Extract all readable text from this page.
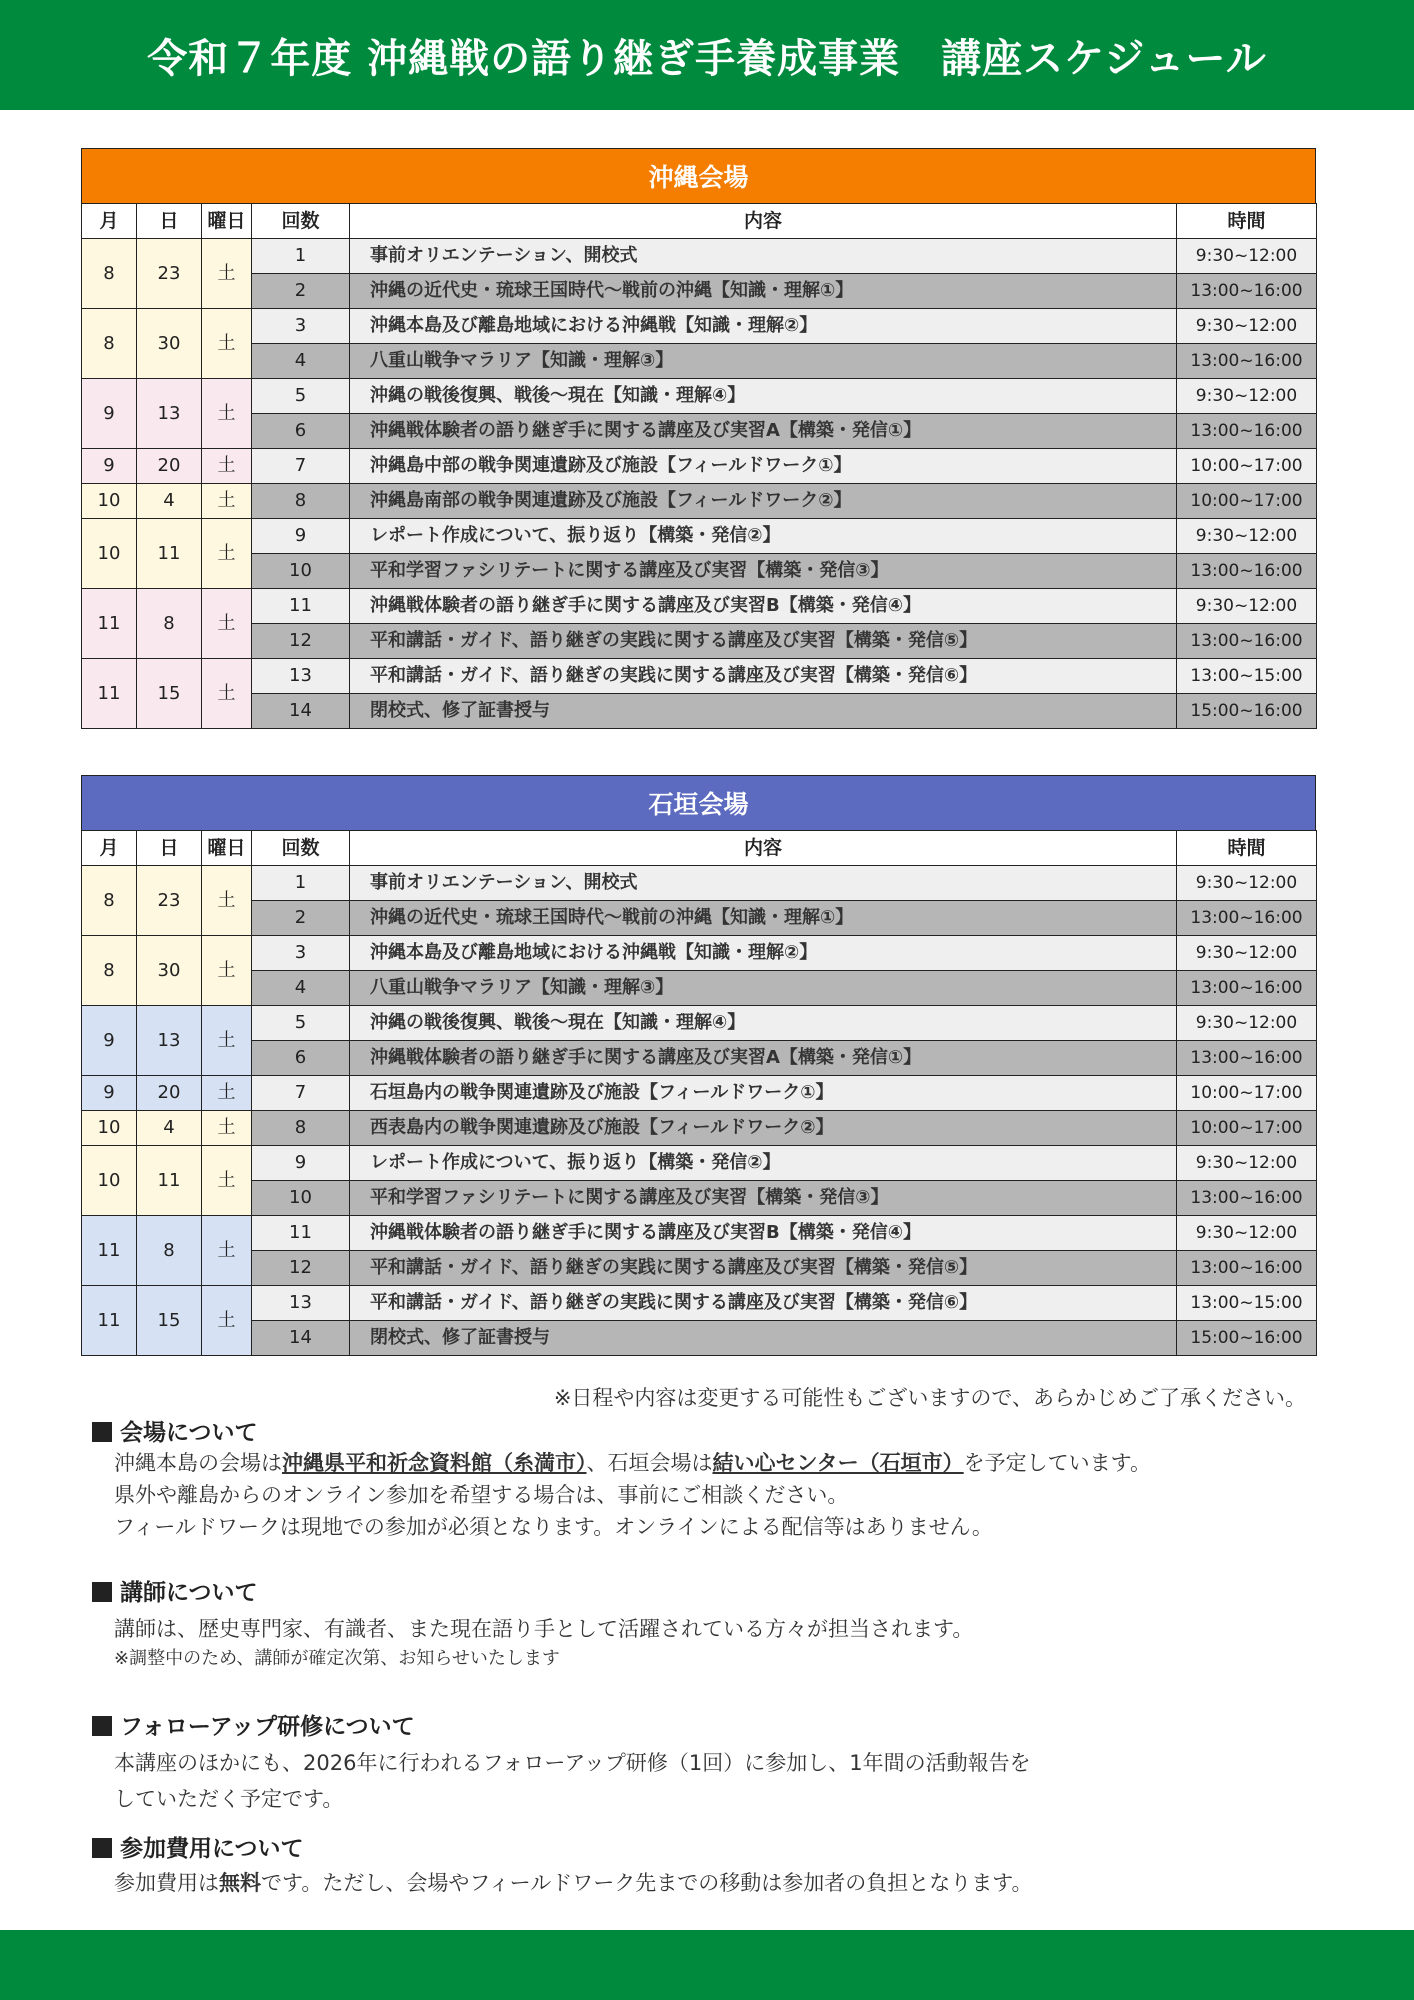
令和７年度 沖縄戦の語り継ぎ手養成事業　講座スケジュール
沖縄会場
月	日	曜日	回数	内容	時間
8	23	土	1	事前オリエンテーション、開校式	9:30~12:00
			2	沖縄の近代史・琉球王国時代～戦前の沖縄【知識・理解①】	13:00~16:00
8	30	土	3	沖縄本島及び離島地域における沖縄戦【知識・理解②】	9:30~12:00
			4	八重山戦争マラリア【知識・理解③】	13:00~16:00
9	13	土	5	沖縄の戦後復興、戦後～現在【知識・理解④】	9:30~12:00
			6	沖縄戦体験者の語り継ぎ手に関する講座及び実習A【構築・発信①】	13:00~16:00
9	20	土	7	沖縄島中部の戦争関連遺跡及び施設【フィールドワーク①】	10:00~17:00
10	4	土	8	沖縄島南部の戦争関連遺跡及び施設【フィールドワーク②】	10:00~17:00
10	11	土	9	レポート作成について、振り返り【構築・発信②】	9:30~12:00
			10	平和学習ファシリテートに関する講座及び実習【構築・発信③】	13:00~16:00
11	8	土	11	沖縄戦体験者の語り継ぎ手に関する講座及び実習B【構築・発信④】	9:30~12:00
			12	平和講話・ガイド、語り継ぎの実践に関する講座及び実習【構築・発信⑤】	13:00~16:00
11	15	土	13	平和講話・ガイド、語り継ぎの実践に関する講座及び実習【構築・発信⑥】	13:00~15:00
			14	閉校式、修了証書授与	15:00~16:00
石垣会場
月	日	曜日	回数	内容	時間
8	23	土	1	事前オリエンテーション、開校式	9:30~12:00
			2	沖縄の近代史・琉球王国時代～戦前の沖縄【知識・理解①】	13:00~16:00
8	30	土	3	沖縄本島及び離島地域における沖縄戦【知識・理解②】	9:30~12:00
			4	八重山戦争マラリア【知識・理解③】	13:00~16:00
9	13	土	5	沖縄の戦後復興、戦後～現在【知識・理解④】	9:30~12:00
			6	沖縄戦体験者の語り継ぎ手に関する講座及び実習A【構築・発信①】	13:00~16:00
9	20	土	7	石垣島内の戦争関連遺跡及び施設【フィールドワーク①】	10:00~17:00
10	4	土	8	西表島内の戦争関連遺跡及び施設【フィールドワーク②】	10:00~17:00
10	11	土	9	レポート作成について、振り返り【構築・発信②】	9:30~12:00
			10	平和学習ファシリテートに関する講座及び実習【構築・発信③】	13:00~16:00
11	8	土	11	沖縄戦体験者の語り継ぎ手に関する講座及び実習B【構築・発信④】	9:30~12:00
			12	平和講話・ガイド、語り継ぎの実践に関する講座及び実習【構築・発信⑤】	13:00~16:00
11	15	土	13	平和講話・ガイド、語り継ぎの実践に関する講座及び実習【構築・発信⑥】	13:00~15:00
			14	閉校式、修了証書授与	15:00~16:00
※日程や内容は変更する可能性もございますので、あらかじめご了承ください。
会場について

沖縄本島の会場は沖縄県平和祈念資料館（糸満市）、石垣会場は結い心センター（石垣市）を予定しています。

県外や離島からのオンライン参加を希望する場合は、事前にご相談ください。

フィールドワークは現地での参加が必須となります。オンラインによる配信等はありません。

講師について

講師は、歴史専門家、有識者、また現在語り手として活躍されている方々が担当されます。

※調整中のため、講師が確定次第、お知らせいたします

フォローアップ研修について

本講座のほかにも、2026年に行われるフォローアップ研修（1回）に参加し、1年間の活動報告を

していただく予定です。

参加費用について

参加費用は無料です。ただし、会場やフィールドワーク先までの移動は参加者の負担となります。
